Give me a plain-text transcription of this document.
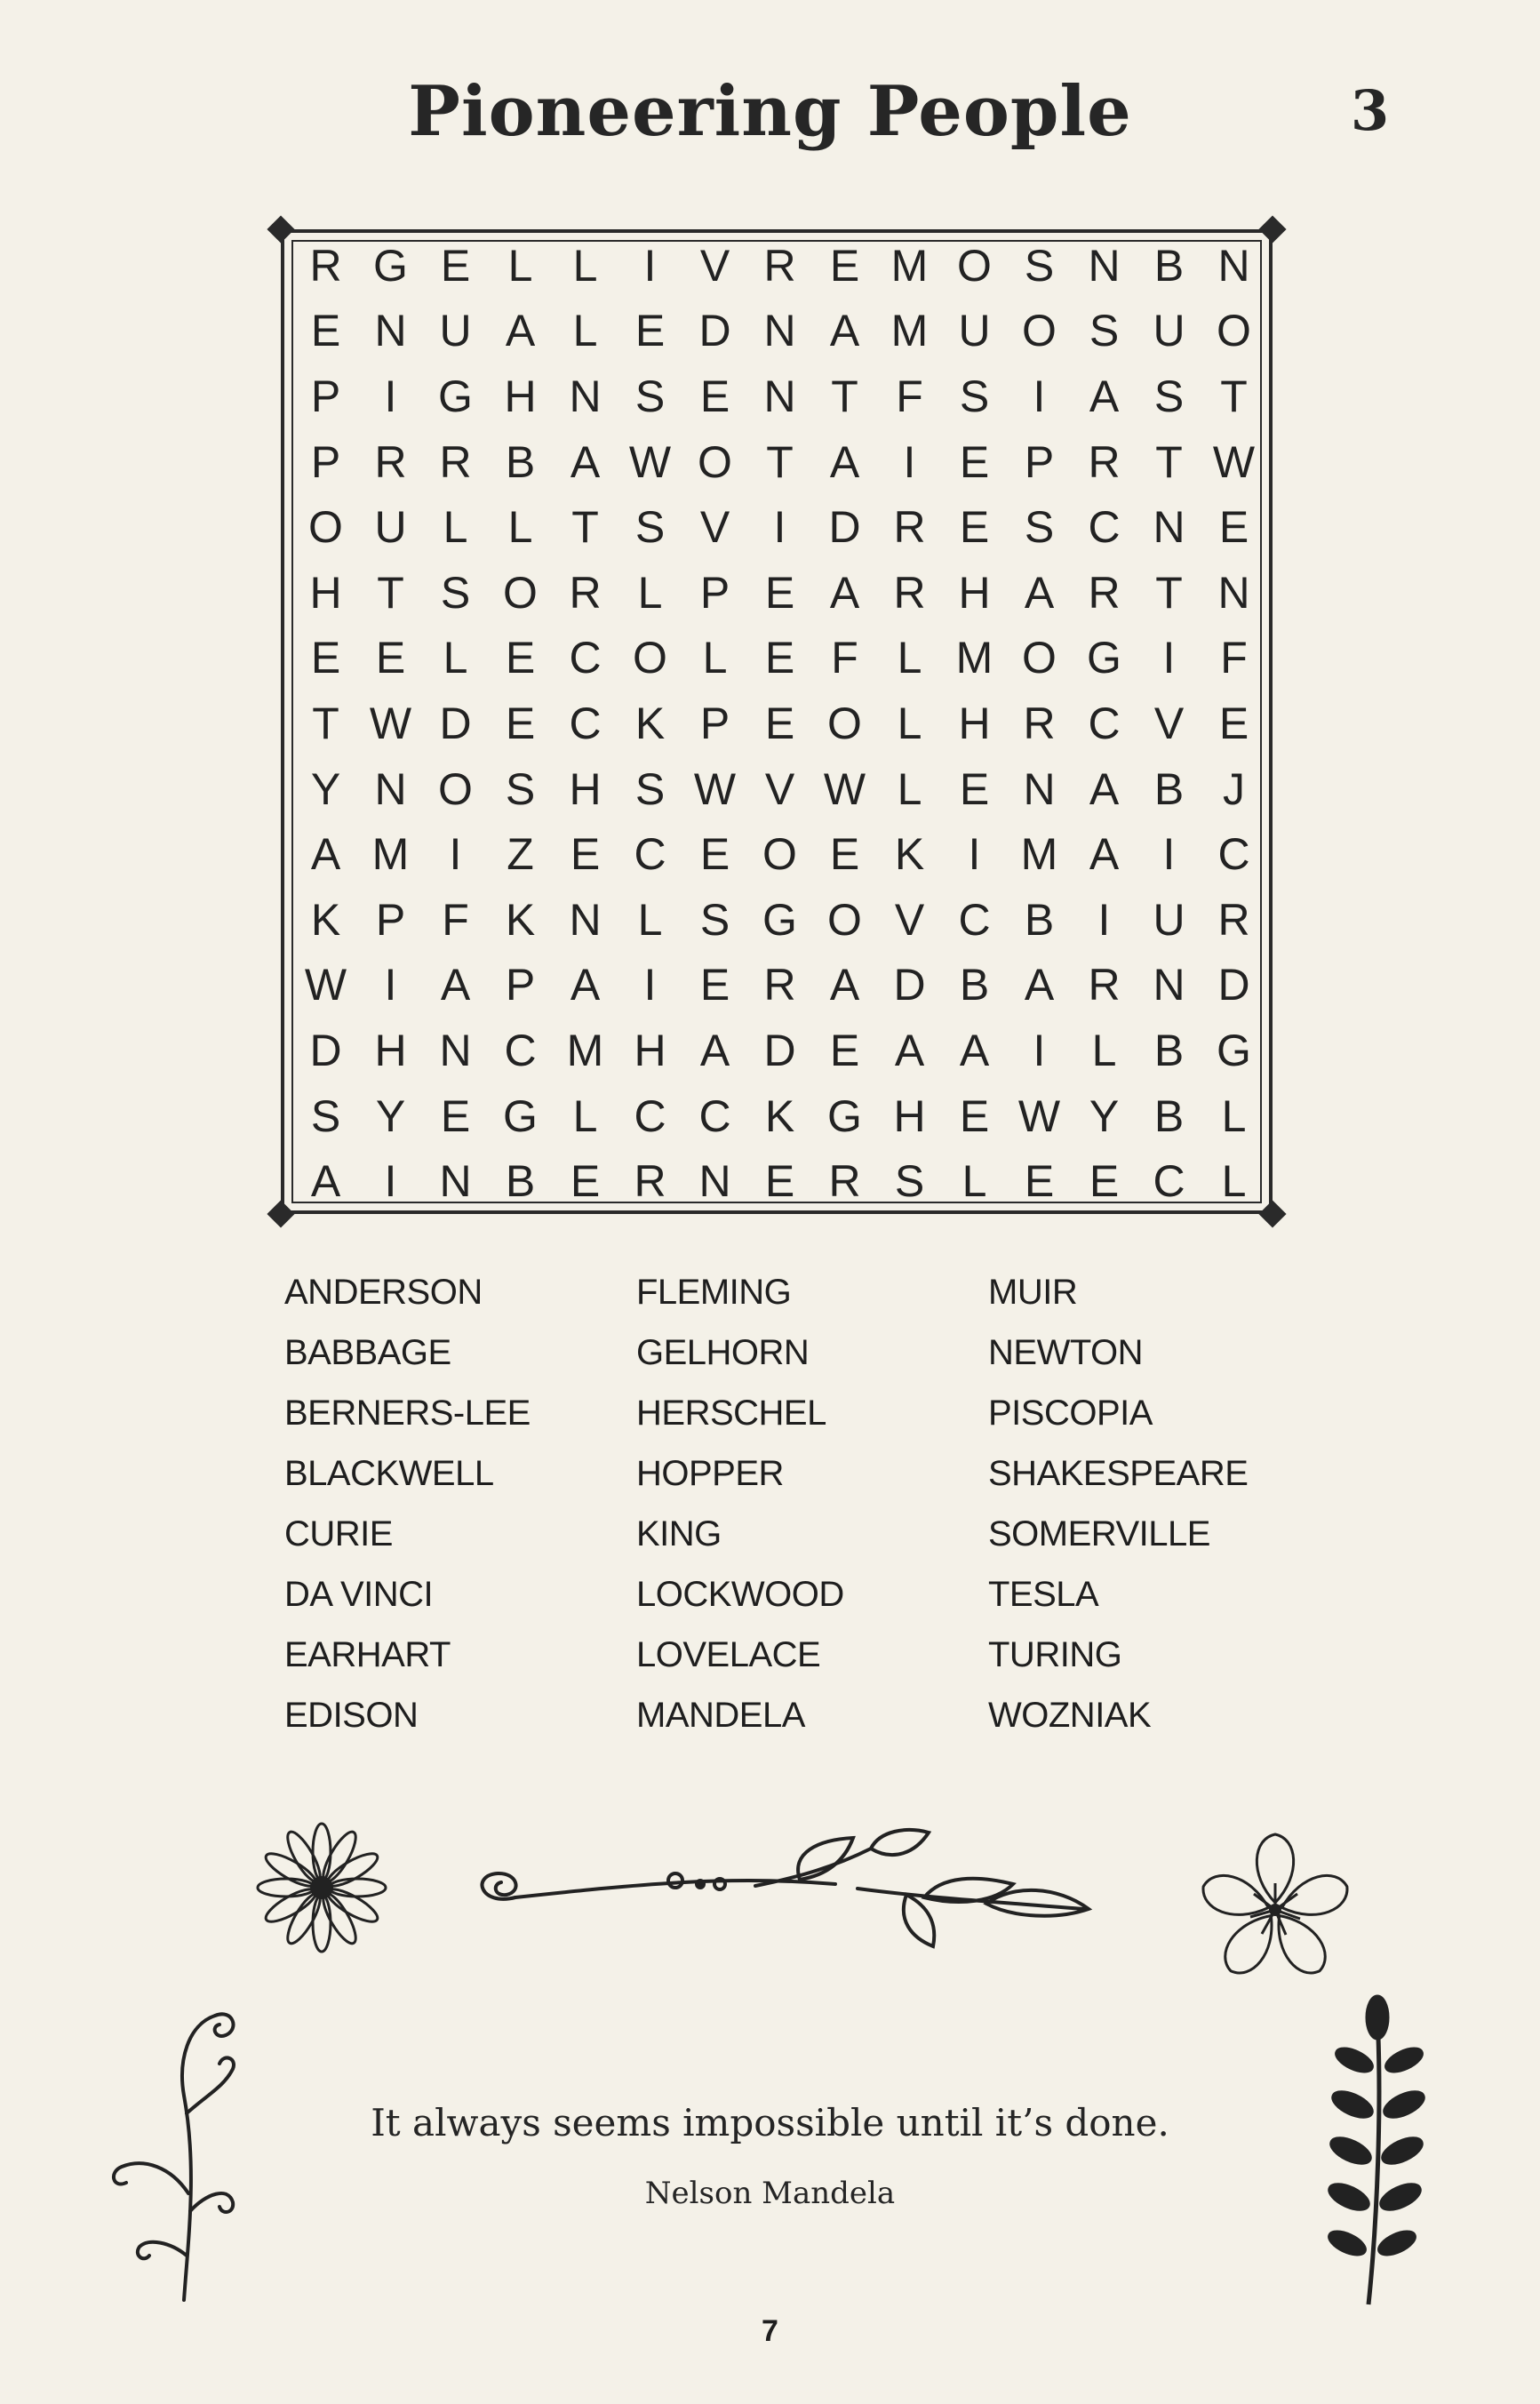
Pioneering People	3
R G E L L	I V R E M O S N B N
E N U A L E D N A M U O S U O
P I G H N S E N T F S I A S T
P R R B A W O T A I E P R T W
O U L L T S V I D R E S C N E
H T S O R L P E A R H A R T N
E E L E C O L E F L M O G I	F
T W D E C K P E O L H R C V E
Y N O S H S W V W L E N A B J
A M I	Z E C E O E K I M A I C
K P F K N L S G O V C B I U R
W I A P A I E R A D B A R N D
D H N C M H A D E A A I	L B G
S Y E G L C C K G H E W Y B L
A I N B E R N E R S L E E C L
ANDERSON	FLEMING	MUIR
BABBAGE	GELHORN	NEWTON
BERNERS-LEE	HERSCHEL	PISCOPIA
BLACKWELL	HOPPER	SHAKESPEARE
CURIE	KING	SOMERVILLE
DA VINCI	LOCKWOOD	TESLA
EARHART	LOVELACE	TURING
EDISON	MANDELA	WOZNIAK
It always seems impossible until it’s done.
Nelson Mandela
7
